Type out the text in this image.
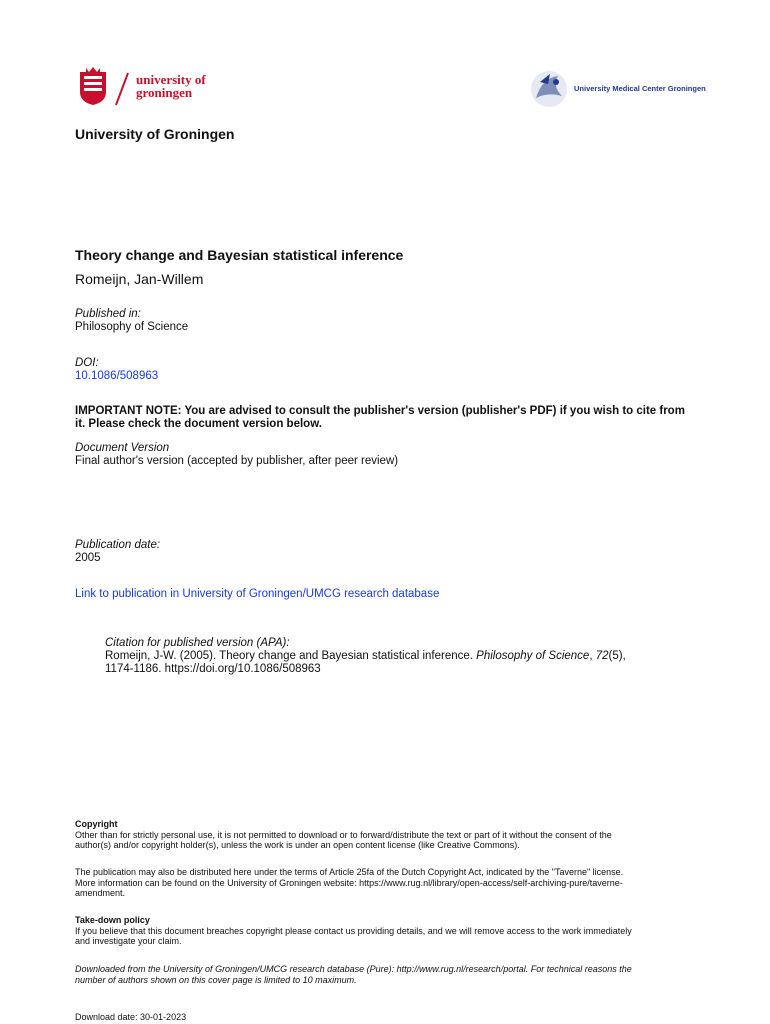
university of
groningen	University Medical Center Groningen
University of Groningen
Theory change and Bayesian statistical inference
Romeijn, Jan-Willem
Published in:
Philosophy of Science
DOI:
10.1086/508963
IMPORTANT NOTE: You are advised to consult the publisher's version (publisher's PDF) if you wish to cite from
it. Please check the document version below.
Document Version
Final author's version (accepted by publisher, after peer review)
Publication date:
2005
Link to publication in University of Groningen/UMCG research database
Citation for published version (APA):
Romeijn, J-W. (2005). Theory change and Bayesian statistical inference. Philosophy of Science, 72(5),
1174-1186. https://doi.org/10.1086/508963
Copyright
Other than for strictly personal use, it is not permitted to download or to forward/distribute the text or part of it without the consent of the
author(s) and/or copyright holder(s), unless the work is under an open content license (like Creative Commons).
The publication may also be distributed here under the terms of Article 25fa of the Dutch Copyright Act, indicated by the "Taverne" license.
More information can be found on the University of Groningen website: https://www.rug.nl/library/open-access/self-archiving-pure/taverne-
amendment.
Take-down policy
If you believe that this document breaches copyright please contact us providing details, and we will remove access to the work immediately
and investigate your claim.
Downloaded from the University of Groningen/UMCG research database (Pure): http://www.rug.nl/research/portal. For technical reasons the
number of authors shown on this cover page is limited to 10 maximum.
Download date: 30-01-2023
